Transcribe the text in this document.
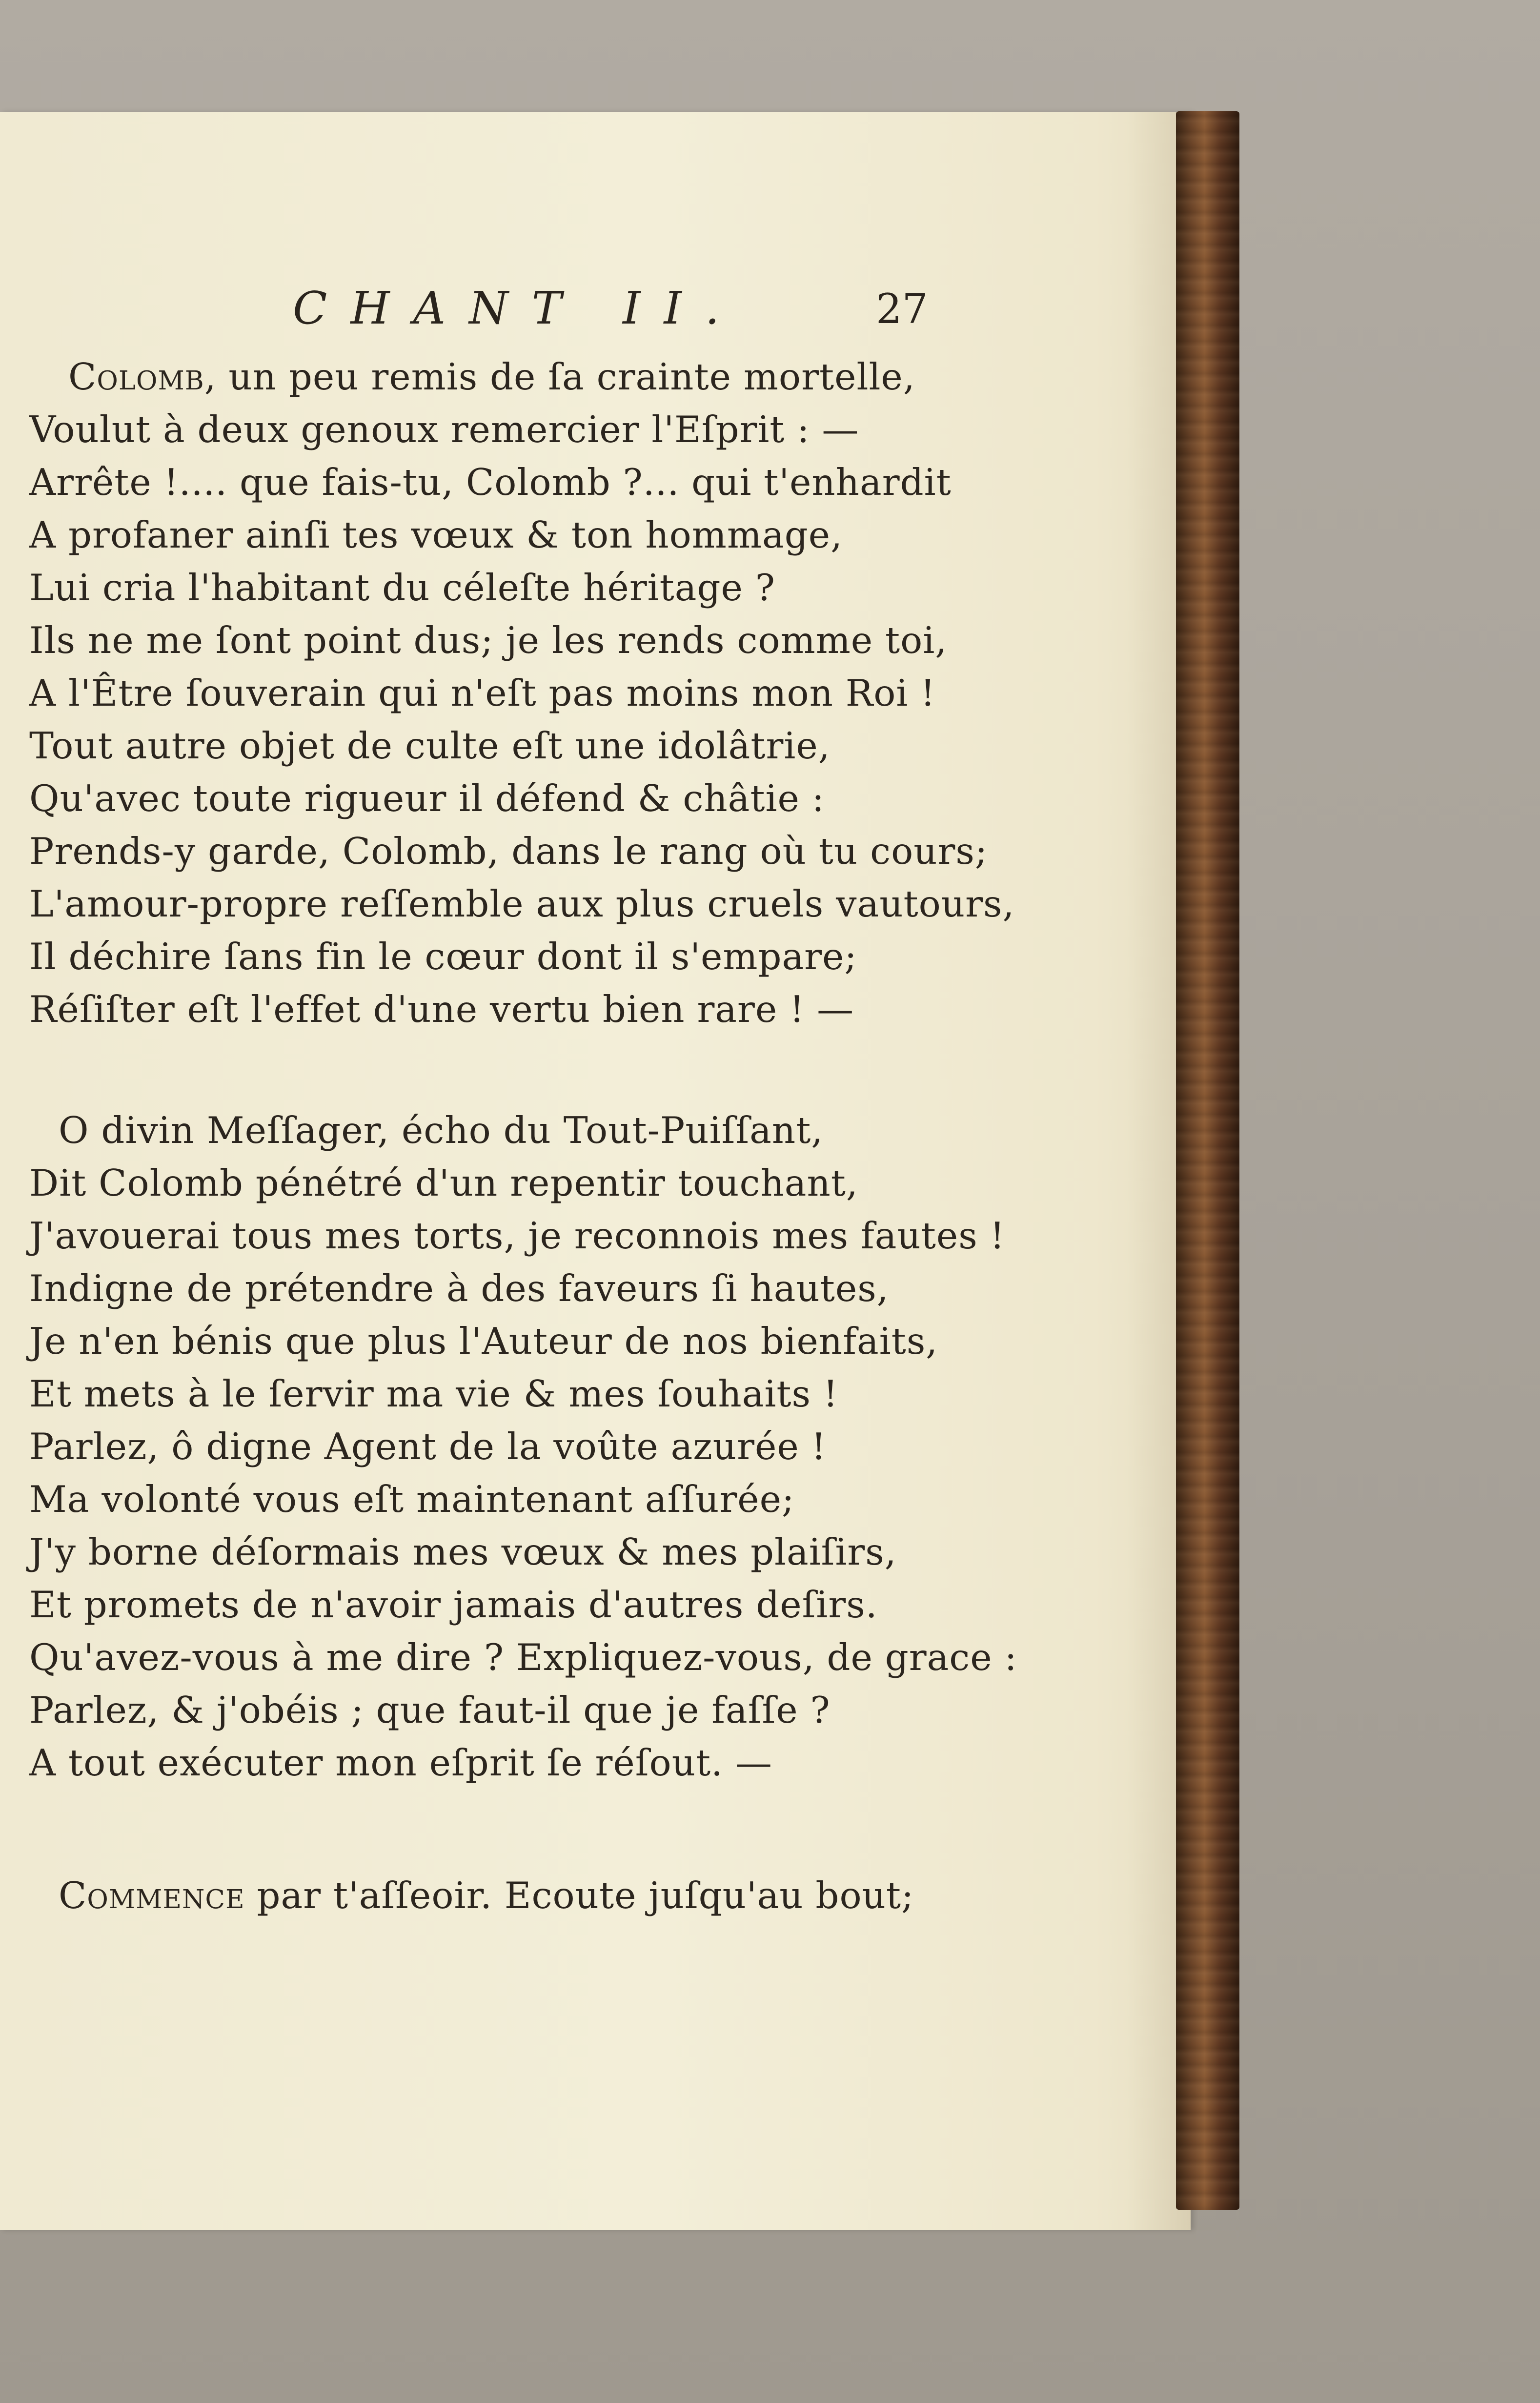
CHANT II.	27

Colomb, un peu remis de ſa crainte mortelle,

Voulut à deux genoux remercier l'Eſprit : —

Arrête !.... que fais-tu, Colomb ?... qui t'enhardit

A profaner ainſi tes vœux & ton hommage,

Lui cria l'habitant du céleſte héritage ?

Ils ne me ſont point dus; je les rends comme toi,

A l'Être ſouverain qui n'eſt pas moins mon Roi !

Tout autre objet de culte eſt une idolâtrie,

Qu'avec toute rigueur il défend & châtie :

Prends-y garde, Colomb, dans le rang où tu cours;

L'amour-propre reſſemble aux plus cruels vautours,

Il déchire ſans fin le cœur dont il s'empare;

Réſiſter eſt l'effet d'une vertu bien rare ! —

O divin Meſſager, écho du Tout-Puiſſant,

Dit Colomb pénétré d'un repentir touchant,

J'avouerai tous mes torts, je reconnois mes fautes !

Indigne de prétendre à des faveurs ſi hautes,

Je n'en bénis que plus l'Auteur de nos bienfaits,

Et mets à le ſervir ma vie & mes ſouhaits !

Parlez, ô digne Agent de la voûte azurée !

Ma volonté vous eſt maintenant aſſurée;

J'y borne déſormais mes vœux & mes plaiſirs,

Et promets de n'avoir jamais d'autres deſirs.

Qu'avez-vous à me dire ? Expliquez-vous, de grace :

Parlez, & j'obéis ; que faut-il que je faſſe ?

A tout exécuter mon eſprit ſe réſout. —

Commence par t'aſſeoir. Ecoute juſqu'au bout;
